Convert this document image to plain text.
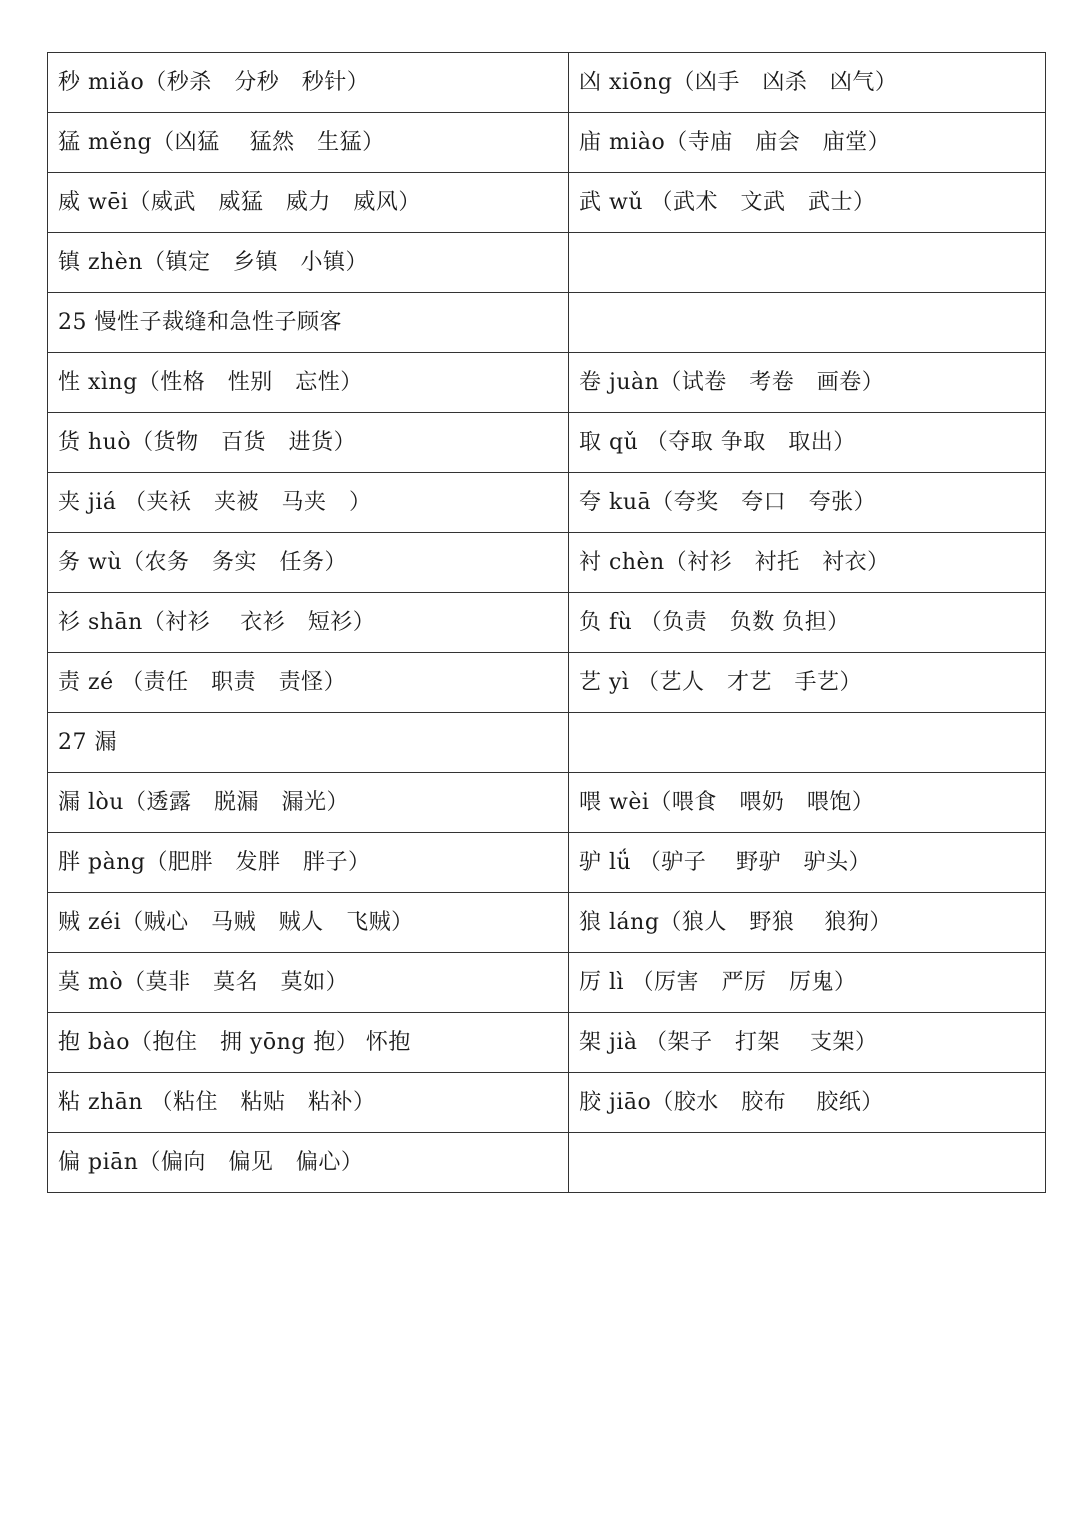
秒 miǎo（秒杀　分秒　秒针）	凶 xiōng（凶手　凶杀　凶气）
猛 měng（凶猛　 猛然　生猛）	庙 miào（寺庙　庙会　庙堂）
威 wēi（威武　威猛　威力　威风）	武 wǔ （武术　文武　武士）
镇 zhèn（镇定　乡镇　小镇）	
25 慢性子裁缝和急性子顾客	
性 xìng（性格　性别　忘性）	卷 juàn（试卷　考卷　画卷）
货 huò（货物　百货　进货）	取 qǔ （夺取 争取　取出）
夹 jiá （夹袄　夹被　马夹　）	夸 kuā（夸奖　夸口　夸张）
务 wù（农务　务实　任务）	衬 chèn（衬衫　衬托　衬衣）
衫 shān（衬衫　 衣衫　短衫）	负 fù （负责　负数 负担）
责 zé （责任　职责　责怪）	艺 yì （艺人　才艺　手艺）
27 漏	
漏 lòu（透露　脱漏　漏光）	喂 wèi（喂食　喂奶　喂饱）
胖 pàng（肥胖　发胖　胖子）	驴 lǘ （驴子　 野驴　驴头）
贼 zéi（贼心　马贼　贼人　飞贼）	狼 láng（狼人　野狼　 狼狗）
莫 mò（莫非　莫名　莫如）	厉 lì （厉害　严厉　厉鬼）
抱 bào（抱住　拥 yōng 抱） 怀抱	架 jià （架子　打架　 支架）
粘 zhān （粘住　粘贴　粘补）	胶 jiāo（胶水　胶布　 胶纸）
偏 piān（偏向　偏见　偏心）	
